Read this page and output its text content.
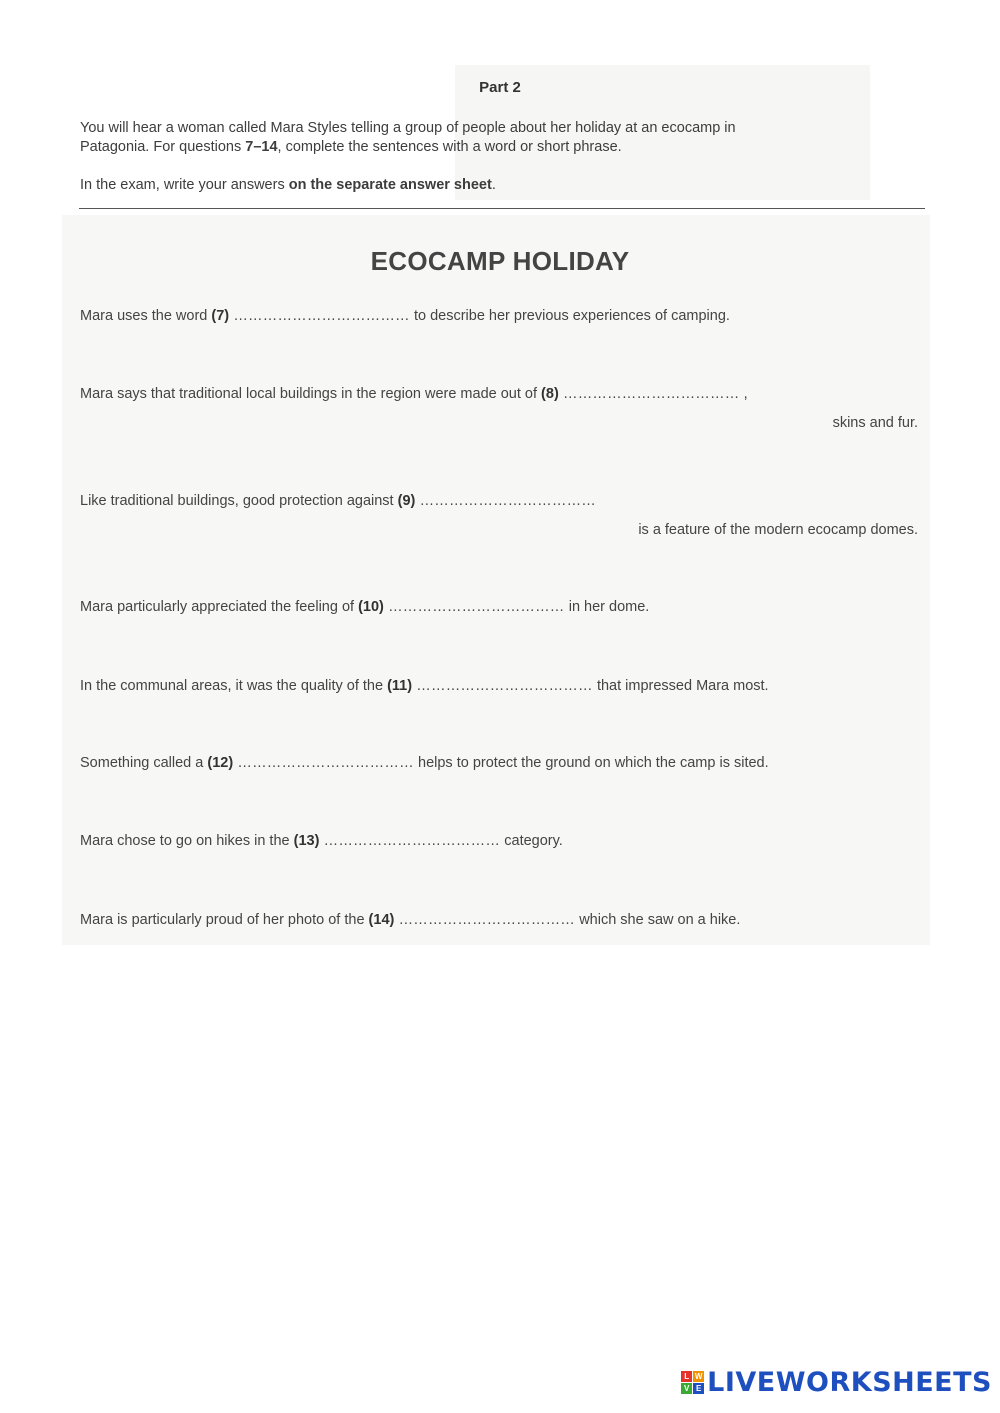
Part 2
You will hear a woman called Mara Styles telling a group of people about her holiday at an ecocamp in
Patagonia. For questions 7–14, complete the sentences with a word or short phrase.
In the exam, write your answers on the separate answer sheet.
ECOCAMP HOLIDAY
Mara uses the word (7) ……………………………… to describe her previous experiences of camping.
Mara says that traditional local buildings in the region were made out of (8) ……………………………… ,
skins and fur.
Like traditional buildings, good protection against (9) ………………………………
is a feature of the modern ecocamp domes.
Mara particularly appreciated the feeling of (10) ……………………………… in her dome.
In the communal areas, it was the quality of the (11) ……………………………… that impressed Mara most.
Something called a (12) ……………………………… helps to protect the ground on which the camp is sited.
Mara chose to go on hikes in the (13) ……………………………… category.
Mara is particularly proud of her photo of the (14) ……………………………… which she saw on a hike.
L W
V E LIVEWORKSHEETS
